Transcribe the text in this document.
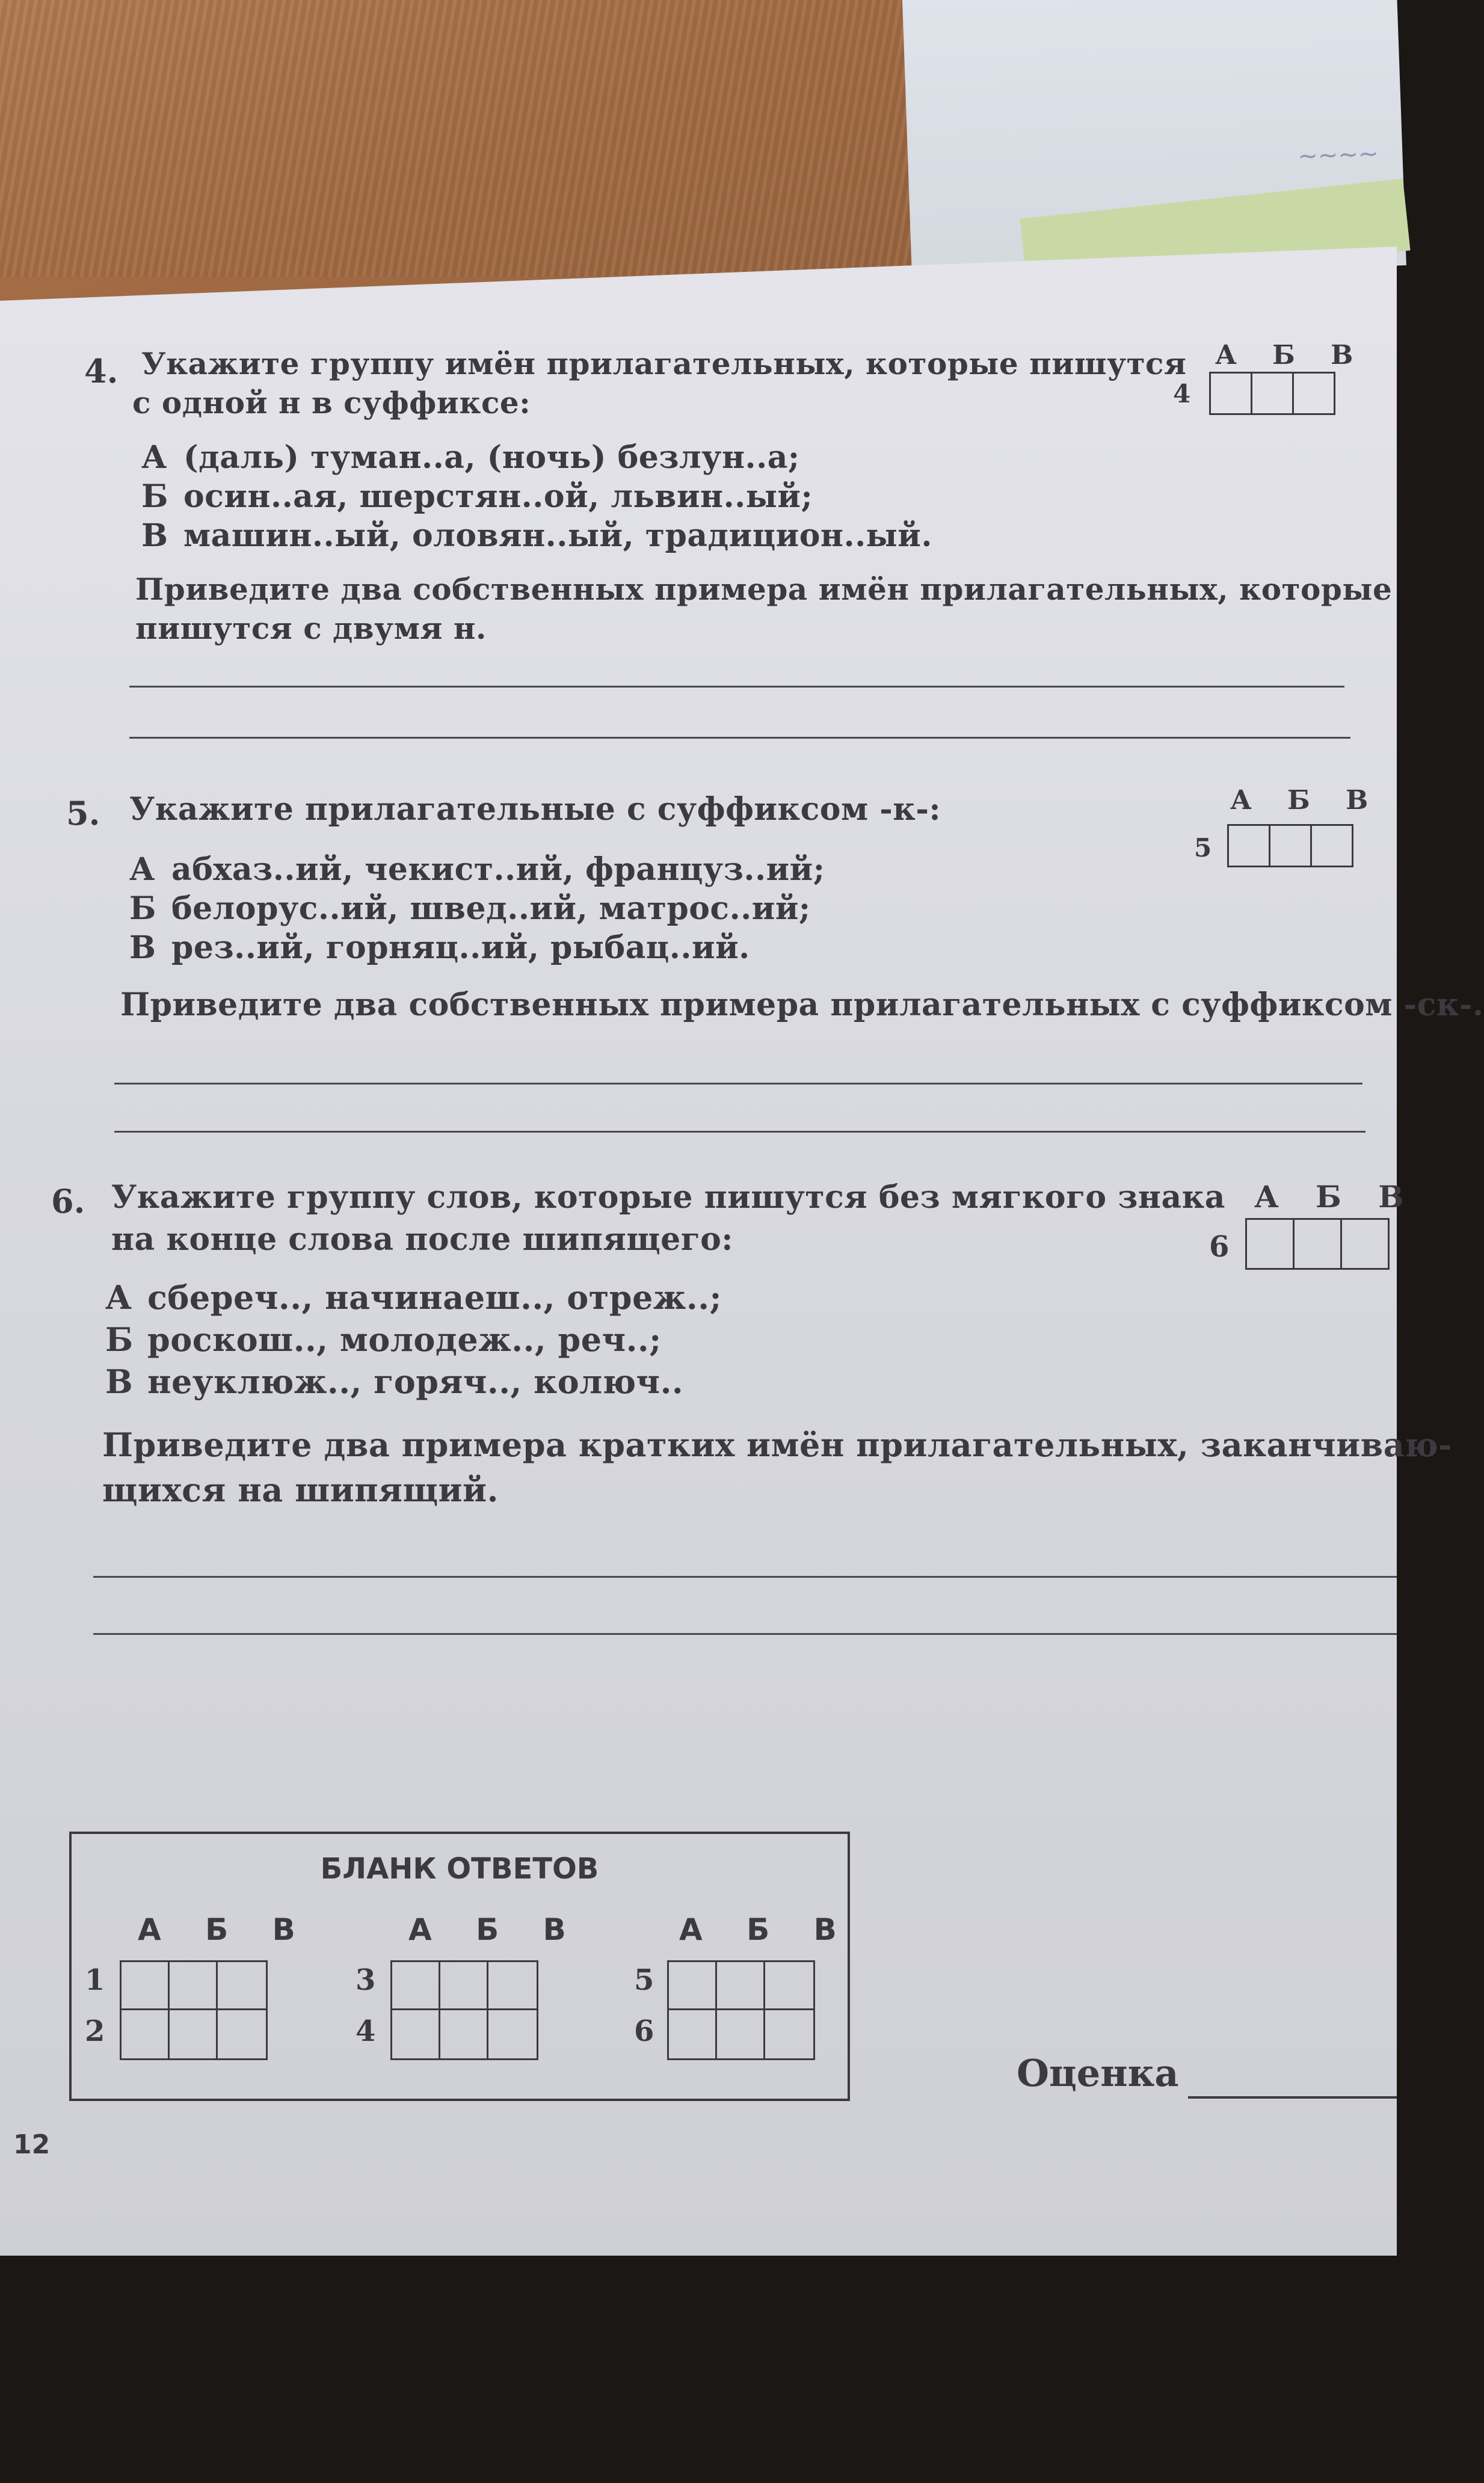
~~~~
4. Укажите группу имён прилагательных, которые пишутся
с одной н в суффиксе:
А Б В
4
А (даль) туман..а, (ночь) безлун..а;
Б осин..ая, шерстян..ой, львин..ый;
В машин..ый, оловян..ый, традицион..ый.
Приведите два собственных примера имён прилагательных, которые
пишутся с двумя н.
5. Укажите прилагательные с суффиксом -к-:	А Б В
5
А абхаз..ий, чекист..ий, француз..ий;
Б белорус..ий, швед..ий, матрос..ий;
В рез..ий, горняц..ий, рыбац..ий.
Приведите два собственных примера прилагательных с суффиксом -ск-.
6. Укажите группу слов, которые пишутся без мягкого знака
на конце слова после шипящего:
А Б В
6
А сбереч.., начинаеш.., отреж..;
Б роскош.., молодеж.., реч..;
В неуклюж.., горяч.., колюч..
Приведите два примера кратких имён прилагательных, заканчиваю-
щихся на шипящий.
БЛАНК ОТВЕТОВ
А Б В
1
2
А Б В
3
4
А Б В
5
6
Оценка
12
